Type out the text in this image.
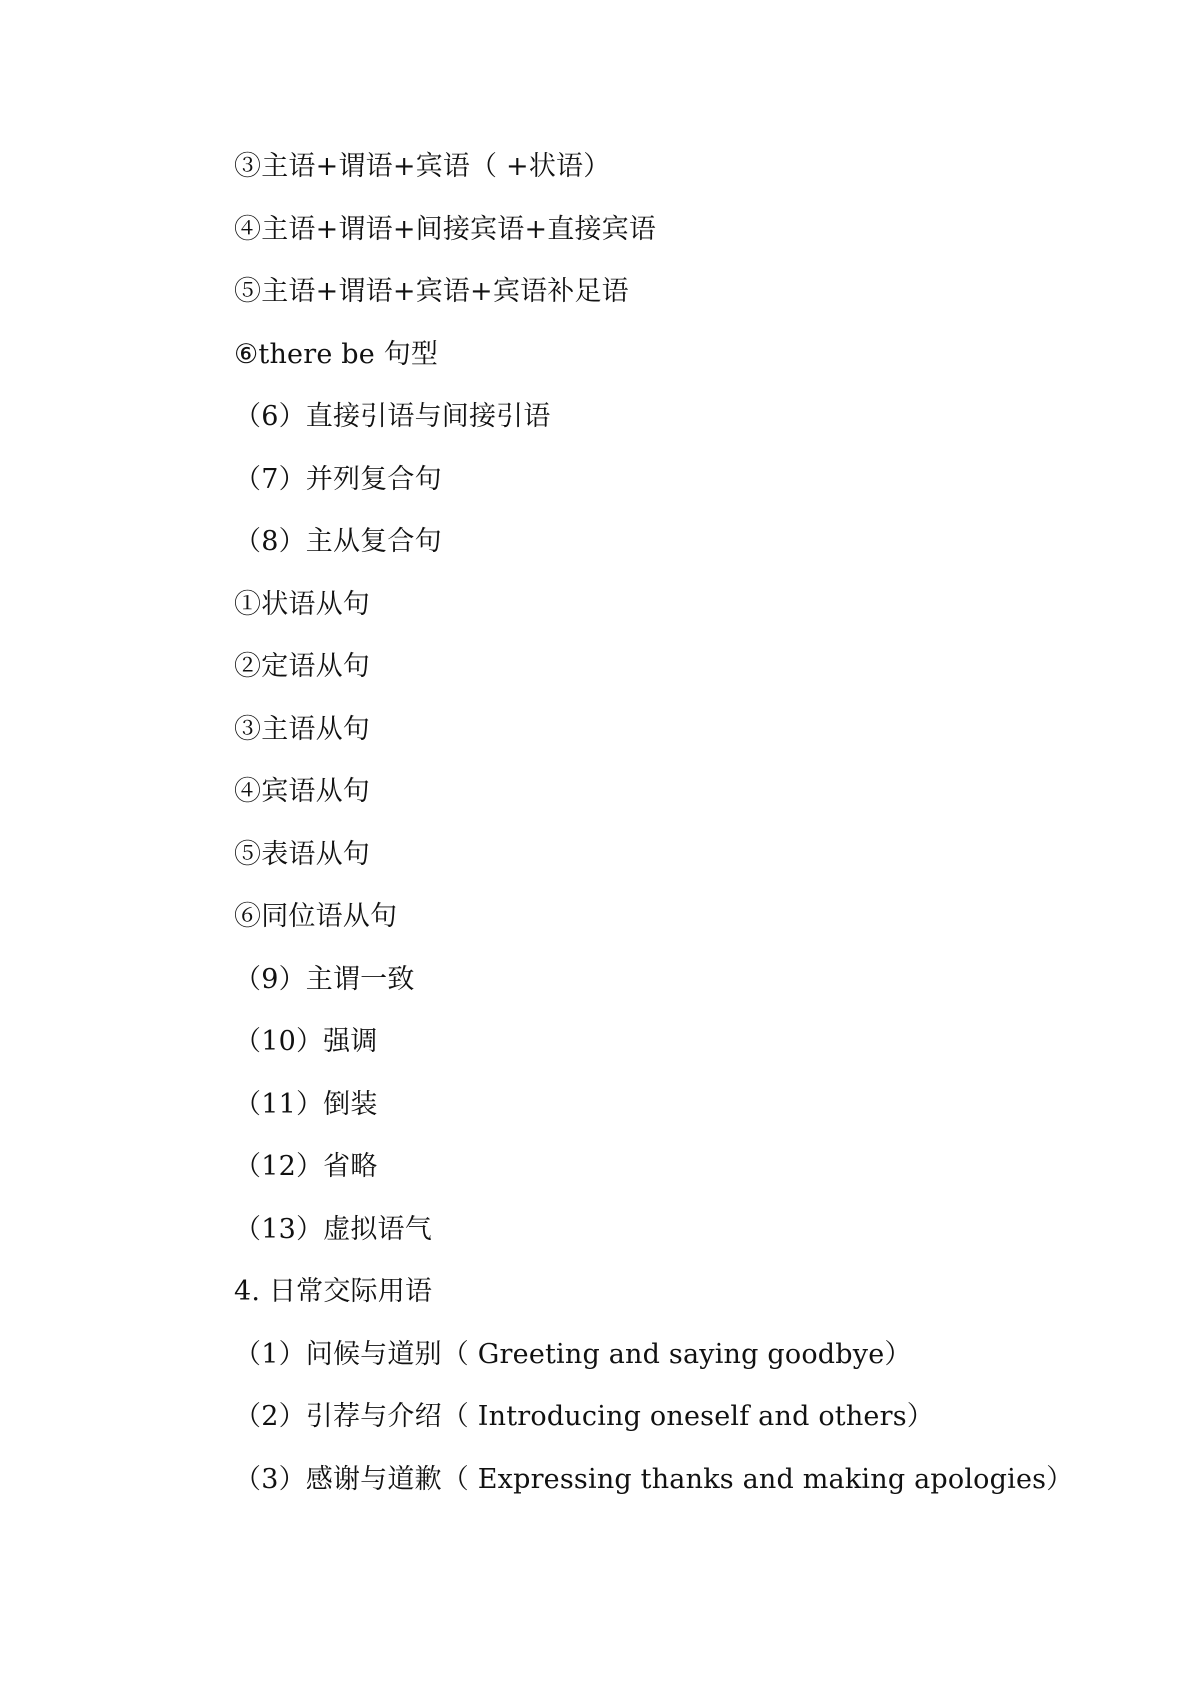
③主语+谓语+宾语（ +状语）
④主语+谓语+间接宾语+直接宾语
⑤主语+谓语+宾语+宾语补足语
⑥there be 句型
（6）直接引语与间接引语
（7）并列复合句
（8）主从复合句
①状语从句
②定语从句
③主语从句
④宾语从句
⑤表语从句
⑥同位语从句
（9）主谓一致
（10）强调
（11）倒装
（12）省略
（13）虚拟语气
4. 日常交际用语
（1）问候与道别（ Greeting and saying goodbye）
（2）引荐与介绍（ Introducing oneself and others）
（3）感谢与道歉（ Expressing thanks and making apologies）
